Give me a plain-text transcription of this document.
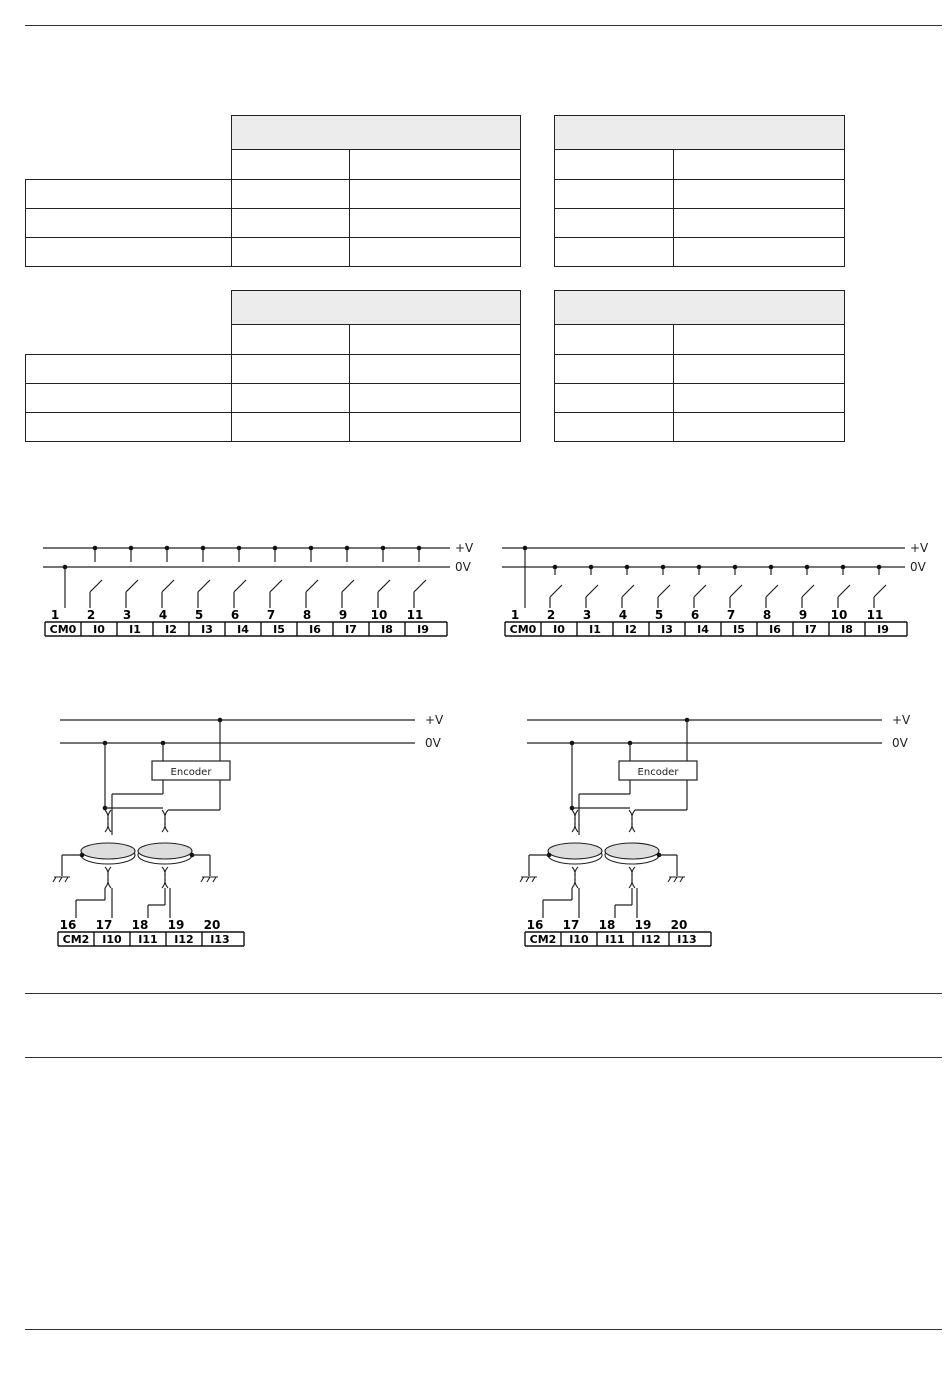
+V
0V
CM0
1
I0
2
I1
3
I2
4
I3
5
I4
6
I5
7
I6
8
I7
9
I8
10
I9
11
+V
0V
CM0
1
I0
2
I1
3
I2
4
I3
5
I4
6
I5
7
I6
8
I7
9
I8
10
I9
11
+V
0V
Encoder
CM2
16
I10
17
I11
18
I12
19
I13
20
+V
0V
Encoder
CM2
16
I10
17
I11
18
I12
19
I13
20
